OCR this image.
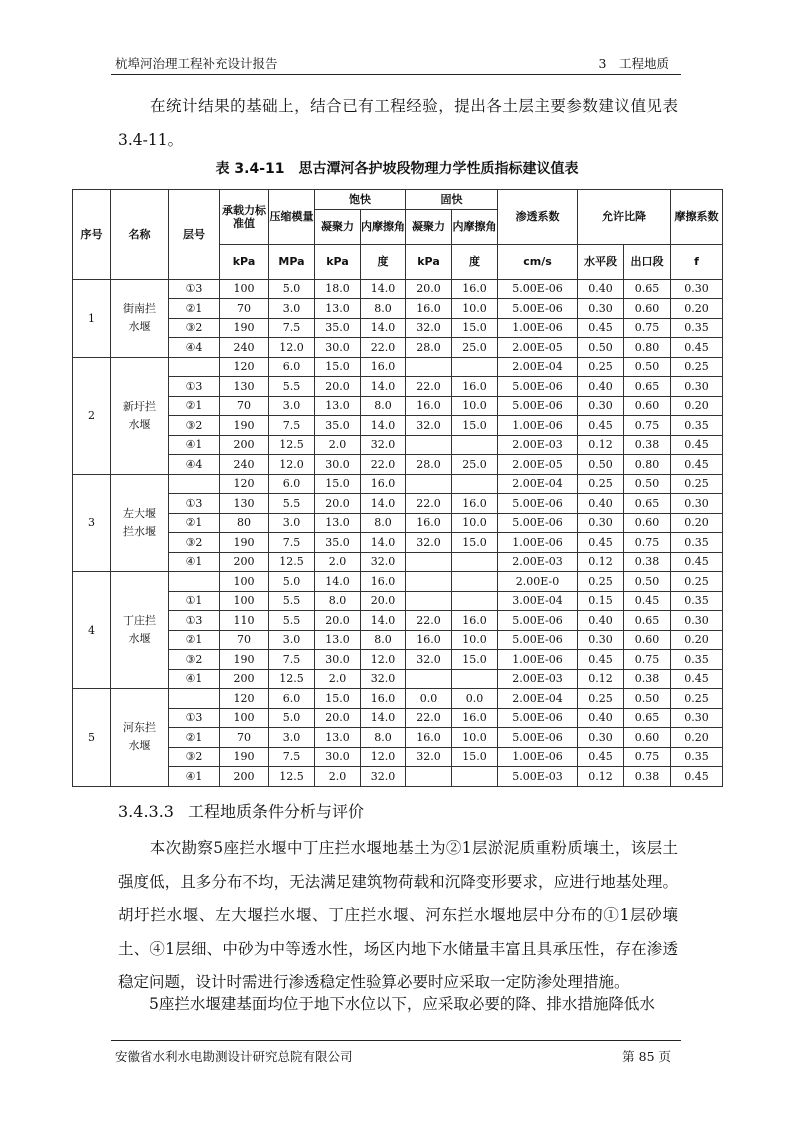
杭埠河治理工程补充设计报告	3　工程地质

　　在统计结果的基础上，结合已有工程经验，提出各土层主要参数建议值见表3.4-11。

表 3.4-11　思古潭河各护坡段物理力学性质指标建议值表
序号	名称	层号	承载力标准值	压缩模量	饱快		固快		渗透系数	允许比降		摩擦系数
					凝聚力	内摩擦角	凝聚力	内摩擦角				
			kPa	MPa	kPa	度	kPa	度	cm/s	水平段	出口段	f
1	街南拦水堰	①3	100	5.0	18.0	14.0	20.0	16.0	5.00E-06	0.40	0.65	0.30
		②1	70	3.0	13.0	8.0	16.0	10.0	5.00E-06	0.30	0.60	0.20
		③2	190	7.5	35.0	14.0	32.0	15.0	1.00E-06	0.45	0.75	0.35
		④4	240	12.0	30.0	22.0	28.0	25.0	2.00E-05	0.50	0.80	0.45
2	新圩拦水堰		120	6.0	15.0	16.0			2.00E-04	0.25	0.50	0.25
		①3	130	5.5	20.0	14.0	22.0	16.0	5.00E-06	0.40	0.65	0.30
		②1	70	3.0	13.0	8.0	16.0	10.0	5.00E-06	0.30	0.60	0.20
		③2	190	7.5	35.0	14.0	32.0	15.0	1.00E-06	0.45	0.75	0.35
		④1	200	12.5	2.0	32.0			2.00E-03	0.12	0.38	0.45
		④4	240	12.0	30.0	22.0	28.0	25.0	2.00E-05	0.50	0.80	0.45
3	左大堰拦水堰		120	6.0	15.0	16.0			2.00E-04	0.25	0.50	0.25
		①3	130	5.5	20.0	14.0	22.0	16.0	5.00E-06	0.40	0.65	0.30
		②1	80	3.0	13.0	8.0	16.0	10.0	5.00E-06	0.30	0.60	0.20
		③2	190	7.5	35.0	14.0	32.0	15.0	1.00E-06	0.45	0.75	0.35
		④1	200	12.5	2.0	32.0			2.00E-03	0.12	0.38	0.45
4	丁庄拦水堰		100	5.0	14.0	16.0			2.00E-0	0.25	0.50	0.25
		①1	100	5.5	8.0	20.0			3.00E-04	0.15	0.45	0.35
		①3	110	5.5	20.0	14.0	22.0	16.0	5.00E-06	0.40	0.65	0.30
		②1	70	3.0	13.0	8.0	16.0	10.0	5.00E-06	0.30	0.60	0.20
		③2	190	7.5	30.0	12.0	32.0	15.0	1.00E-06	0.45	0.75	0.35
		④1	200	12.5	2.0	32.0			2.00E-03	0.12	0.38	0.45
5	河东拦水堰		120	6.0	15.0	16.0	0.0	0.0	2.00E-04	0.25	0.50	0.25
		①3	100	5.0	20.0	14.0	22.0	16.0	5.00E-06	0.40	0.65	0.30
		②1	70	3.0	13.0	8.0	16.0	10.0	5.00E-06	0.30	0.60	0.20
		③2	190	7.5	30.0	12.0	32.0	15.0	1.00E-06	0.45	0.75	0.35
		④1	200	12.5	2.0	32.0			5.00E-03	0.12	0.38	0.45
3.4.3.3 工程地质条件分析与评价

　　本次勘察5座拦水堰中丁庄拦水堰地基土为②1层淤泥质重粉质壤土，该层土强度低，且多分布不均，无法满足建筑物荷载和沉降变形要求，应进行地基处理。胡圩拦水堰、左大堰拦水堰、丁庄拦水堰、河东拦水堰地层中分布的①1层砂壤土、④1层细、中砂为中等透水性，场区内地下水储量丰富且具承压性，存在渗透稳定问题，设计时需进行渗透稳定性验算必要时应采取一定防渗处理措施。

　　5座拦水堰建基面均位于地下水位以下，应采取必要的降、排水措施降低水

安徽省水利水电勘测设计研究总院有限公司	第 85 页
